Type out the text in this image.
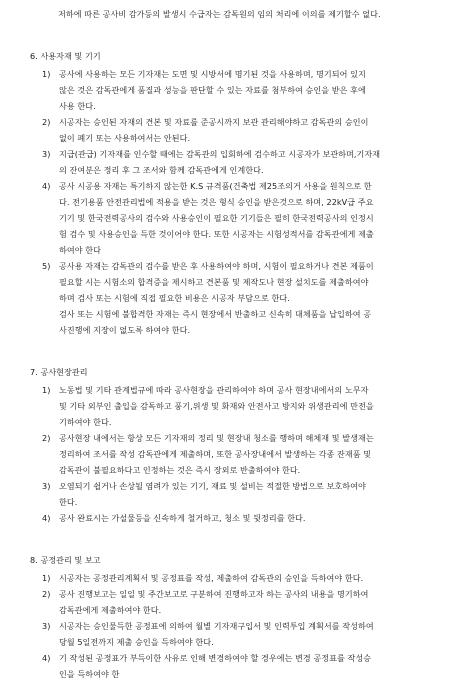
저하에 따른 공사비 감가등의 발생시 수급자는 감독원의 임의 처리에 이의를 제기할수 없다.

6. 사용자재 및 기기

1) 공사에 사용하는 모든 기자재는 도면 및 시방서에 명기된 것을 사용하며, 명기되어 있지
않은 것은 감독관에게 품질과 성능을 판단할 수 있는 자료를 첨부하여 승인을 받은 후에
사용 한다.
2) 시공자는 승인된 자재의 견본 및 자료를 준공시까지 보관 관리해야하고 감독관의 승인이
없이 폐기 또는 사용하여서는 안된다.
3) 지급(관급) 기자재를 인수할 때에는 감독관의 입회하에 검수하고 시공자가 보관하며,기자재
의 잔여분은 정리 후 그 조서와 함께 감독관에게 인계한다.
4) 공사 시공용 자재는 특기하지 않는한 K.S 규격품(건축법 제25조의거 사용을 원칙으로 한
다. 전기용품 안전관리법에 적용을 받는 것은 형식 승인을 받은것으로 하며, 22kV급 주요
기기 및 한국전력공사의 검수와 사용승인이 필요한 기기들은 필히 한국전력공사의 인정시
험 검수 및 사용승인을 득한 것이어야 한다. 또한 시공자는 시험성적서를 감독관에게 제출
하여야 한다
5) 공사용 자재는 감독관의 검수를 받은 후 사용하여야 하며, 시험이 필요하거나 견본 제품이
필요할 시는 시험소의 합격증을 제시하고 견본품 및 제작도나 현장 설치도를 제출하여야
하며 검사 또는 시험에 직접 필요한 비용은 시공자 부담으로 한다.
검사 또는 시험에 불합격한 자재는 즉시 현장에서 반출하고 신속히 대체품을 납입하여 공
사진행에 지장이 없도록 하여야 한다.

7. 공사현장관리

1) 노동법 및 기타 관계법규에 따라 공사현장을 관리하여야 하며 공사 현장내에서의 노무자
및 기타 외부인 출입을 감독하고 풍기,위생 및 화재와 안전사고 방지와 위생관리에 만전을
기하여야 한다.
2) 공사현장 내에서는 항상 모든 기자재의 정리 및 현장내 청소를 행하며 해체재 및 발생재는
정리하여 조서를 작성 감독관에게 제출하며, 또한 공사장내에서 발생하는 각종 잔재품 및
감독관이 불필요하다고 인정하는 것은 즉시 장외로 반출하여야 한다.
3) 오염되기 쉽거나 손상될 염려가 있는 기기, 재료 및 설비는 적절한 방법으로 보호하여야
한다.
4) 공사 완료시는 가설물등을 신속하게 철거하고, 청소 및 뒷정리를 한다.

8. 공정관리 및 보고

1) 시공자는 공정관리계획서 및 공정표를 작성, 제출하여 감독관의 승인을 득하여야 한다.
2) 공사 진행보고는 일일 및 주간보고로 구분하여 진행하고자 하는 공사의 내용을 명기하여
감독관에게 제출하여야 한다.
3) 시공자는 승인물득한 공정표에 의하여 월별 기자재구입서 및 인력투입 계획서를 작성하여
당월 5일전까지 제출 승인을 득하여야 한다.
4) 기 작성된 공정표가 부득이한 사유로 인해 변경하여야 할 경우에는 변경 공정표를 작성승
인을 득하여야 한
